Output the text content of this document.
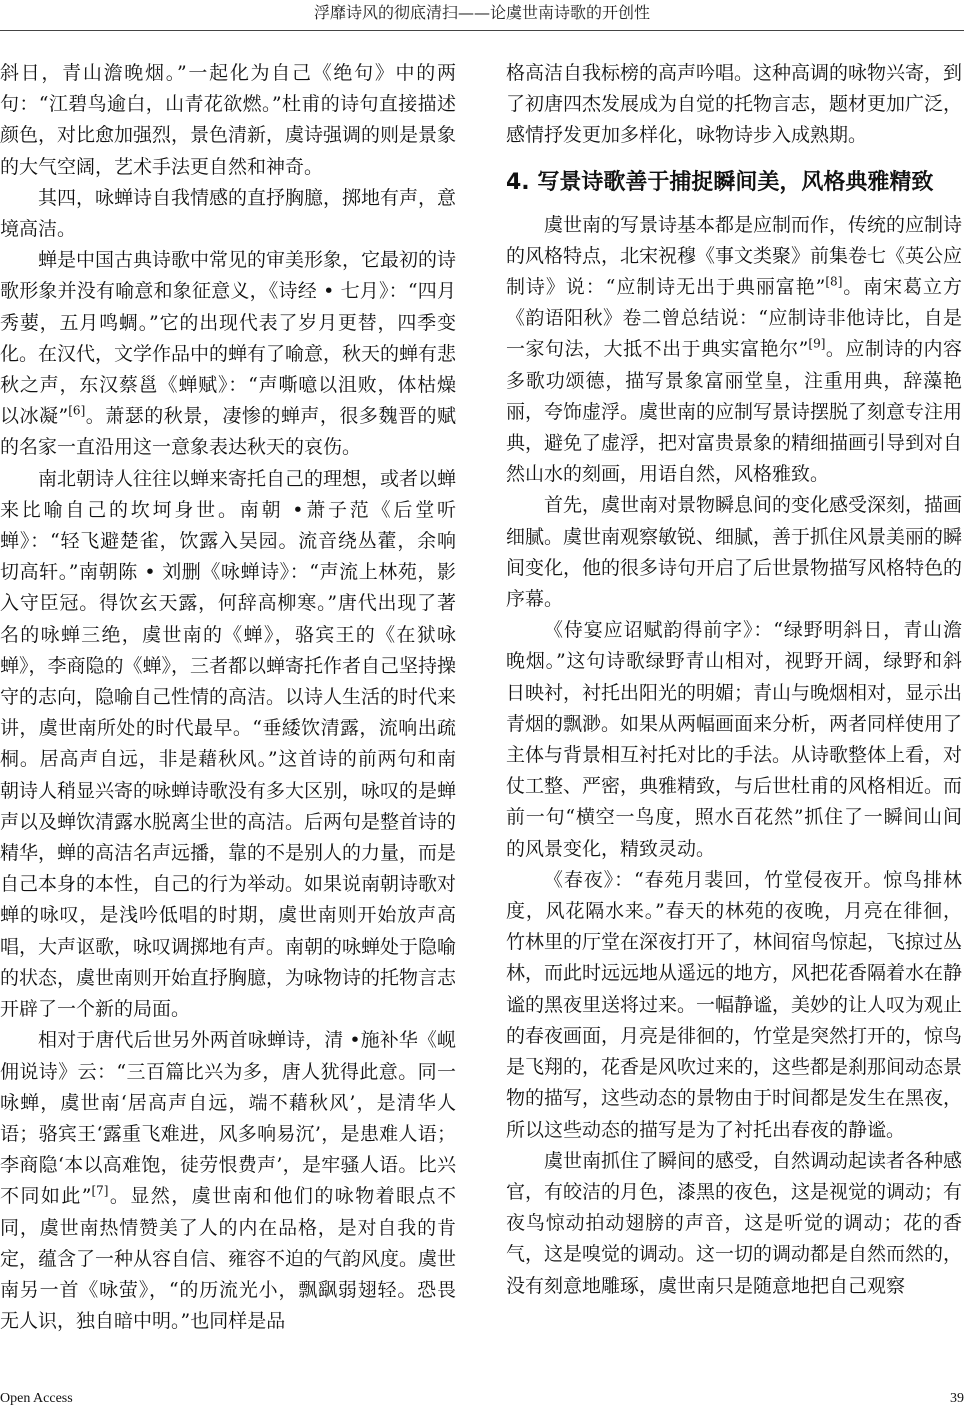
浮靡诗风的彻底清扫——论虞世南诗歌的开创性

斜日，青山澹晚烟。”一起化为自己《绝句》中的两句：“江碧鸟逾白，山青花欲燃。”杜甫的诗句直接描述颜色，对比愈加强烈，景色清新，虞诗强调的则是景象的大气空阔，艺术手法更自然和神奇。

其四，咏蝉诗自我情感的直抒胸臆，掷地有声，意境高洁。

蝉是中国古典诗歌中常见的审美形象，它最初的诗歌形象并没有喻意和象征意义，《诗经 • 七月》：“四月秀葽，五月鸣蜩。”它的出现代表了岁月更替，四季变化。在汉代，文学作品中的蝉有了喻意，秋天的蝉有悲秋之声，东汉蔡邕《蝉赋》：“声嘶噫以沮败，体枯燥以冰凝”[6]。萧瑟的秋景，凄惨的蝉声，很多魏晋的赋的名家一直沿用这一意象表达秋天的哀伤。

南北朝诗人往往以蝉来寄托自己的理想，或者以蝉来比喻自己的坎坷身世。南朝 •萧子范《后堂听蝉》：“轻飞避楚雀，饮露入吴园。流音绕丛藿，余响切高轩。”南朝陈 • 刘删《咏蝉诗》：“声流上林苑，影入守臣冠。得饮玄天露，何辞高柳寒。”唐代出现了著名的咏蝉三绝，虞世南的《蝉》，骆宾王的《在狱咏蝉》，李商隐的《蝉》，三者都以蝉寄托作者自己坚持操守的志向，隐喻自己性情的高洁。以诗人生活的时代来讲，虞世南所处的时代最早。“垂緌饮清露，流响出疏桐。居高声自远，非是藉秋风。”这首诗的前两句和南朝诗人稍显兴寄的咏蝉诗歌没有多大区别，咏叹的是蝉声以及蝉饮清露水脱离尘世的高洁。后两句是整首诗的精华，蝉的高洁名声远播，靠的不是别人的力量，而是自己本身的本性，自己的行为举动。如果说南朝诗歌对蝉的咏叹，是浅吟低唱的时期，虞世南则开始放声高唱，大声讴歌，咏叹调掷地有声。南朝的咏蝉处于隐喻的状态，虞世南则开始直抒胸臆，为咏物诗的托物言志开辟了一个新的局面。

相对于唐代后世另外两首咏蝉诗，清 •施补华《岘佣说诗》云：“三百篇比兴为多，唐人犹得此意。同一咏蝉，虞世南‘居高声自远，端不藉秋风’，是清华人语；骆宾王‘露重飞难进，风多响易沉’，是患难人语；李商隐‘本以高难饱，徒劳恨费声’，是牢骚人语。比兴不同如此”[7]。显然，虞世南和他们的咏物着眼点不同，虞世南热情赞美了人的内在品格，是对自我的肯定，蕴含了一种从容自信、雍容不迫的气韵风度。虞世南另一首《咏萤》，“的历流光小，飘飖弱翅轻。恐畏无人识，独自暗中明。”也同样是品

格高洁自我标榜的高声吟唱。这种高调的咏物兴寄，到了初唐四杰发展成为自觉的托物言志，题材更加广泛，感情抒发更加多样化，咏物诗步入成熟期。

4. 写景诗歌善于捕捉瞬间美，风格典雅精致

虞世南的写景诗基本都是应制而作，传统的应制诗的风格特点，北宋祝穆《事文类聚》前集卷七《英公应制诗》说：“应制诗无出于典丽富艳”[8]。南宋葛立方《韵语阳秋》卷二曾总结说：“应制诗非他诗比，自是一家句法，大抵不出于典实富艳尔”[9]。应制诗的内容多歌功颂德，描写景象富丽堂皇，注重用典，辞藻艳丽，夸饰虚浮。虞世南的应制写景诗摆脱了刻意专注用典，避免了虚浮，把对富贵景象的精细描画引导到对自然山水的刻画，用语自然，风格雅致。

首先，虞世南对景物瞬息间的变化感受深刻，描画细腻。虞世南观察敏锐、细腻，善于抓住风景美丽的瞬间变化，他的很多诗句开启了后世景物描写风格特色的序幕。

《侍宴应诏赋韵得前字》：“绿野明斜日，青山澹晚烟。”这句诗歌绿野青山相对，视野开阔，绿野和斜日映衬，衬托出阳光的明媚；青山与晚烟相对，显示出青烟的飘渺。如果从两幅画面来分析，两者同样使用了主体与背景相互衬托对比的手法。从诗歌整体上看，对仗工整、严密，典雅精致，与后世杜甫的风格相近。而前一句“横空一鸟度，照水百花然”抓住了一瞬间山间的风景变化，精致灵动。

《春夜》：“春苑月裴回，竹堂侵夜开。惊鸟排林度，风花隔水来。”春天的林苑的夜晚，月亮在徘徊，竹林里的厅堂在深夜打开了，林间宿鸟惊起，飞掠过丛林，而此时远远地从遥远的地方，风把花香隔着水在静谧的黑夜里送将过来。一幅静谧，美妙的让人叹为观止的春夜画面，月亮是徘徊的，竹堂是突然打开的，惊鸟是飞翔的，花香是风吹过来的，这些都是刹那间动态景物的描写，这些动态的景物由于时间都是发生在黑夜，所以这些动态的描写是为了衬托出春夜的静谧。

虞世南抓住了瞬间的感受，自然调动起读者各种感官，有皎洁的月色，漆黑的夜色，这是视觉的调动；有夜鸟惊动拍动翅膀的声音，这是听觉的调动；花的香气，这是嗅觉的调动。这一切的调动都是自然而然的，没有刻意地雕琢，虞世南只是随意地把自己观察

Open Access	39
